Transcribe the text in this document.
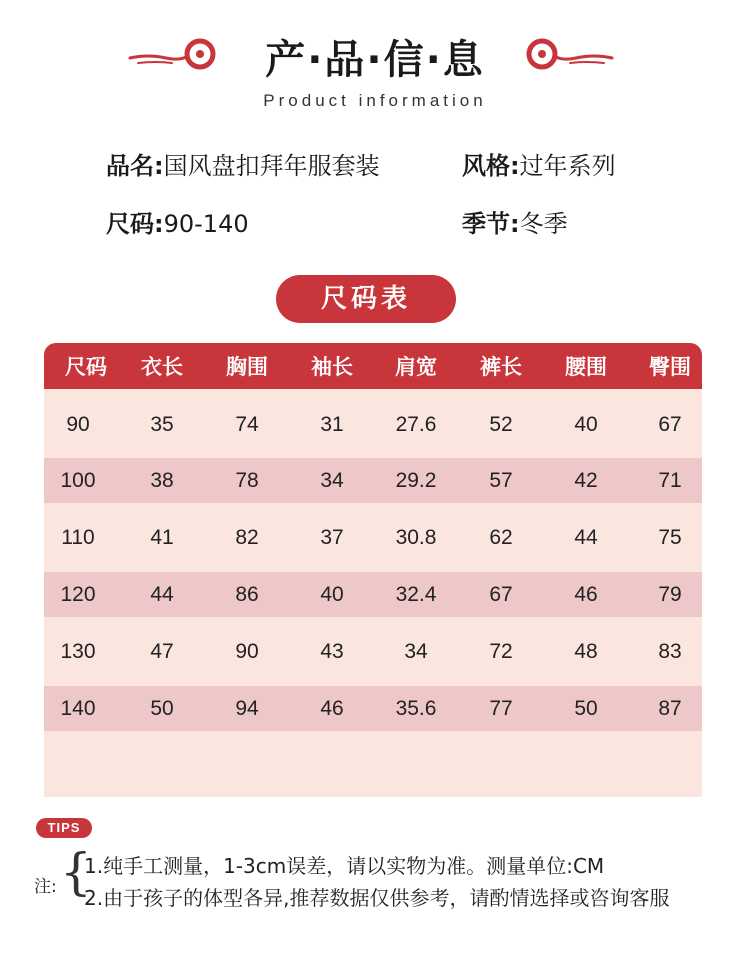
产·品·信·息
Product information
品名:国风盘扣拜年服套装	风格:过年系列
尺码:90-140	季节:冬季
尺码表
尺码	衣长	胸围	袖长	肩宽	裤长	腰围	臀围
90	35	74	31	27.6	52	40	67
100	38	78	34	29.2	57	42	71
110	41	82	37	30.8	62	44	75
120	44	86	40	32.4	67	46	79
130	47	90	43	34	72	48	83
140	50	94	46	35.6	77	50	87
TIPS
注: {
1.纯手工测量，1-3cm误差，请以实物为准。测量单位:CM
2.由于孩子的体型各异,推荐数据仅供参考，请酌情选择或咨询客服
